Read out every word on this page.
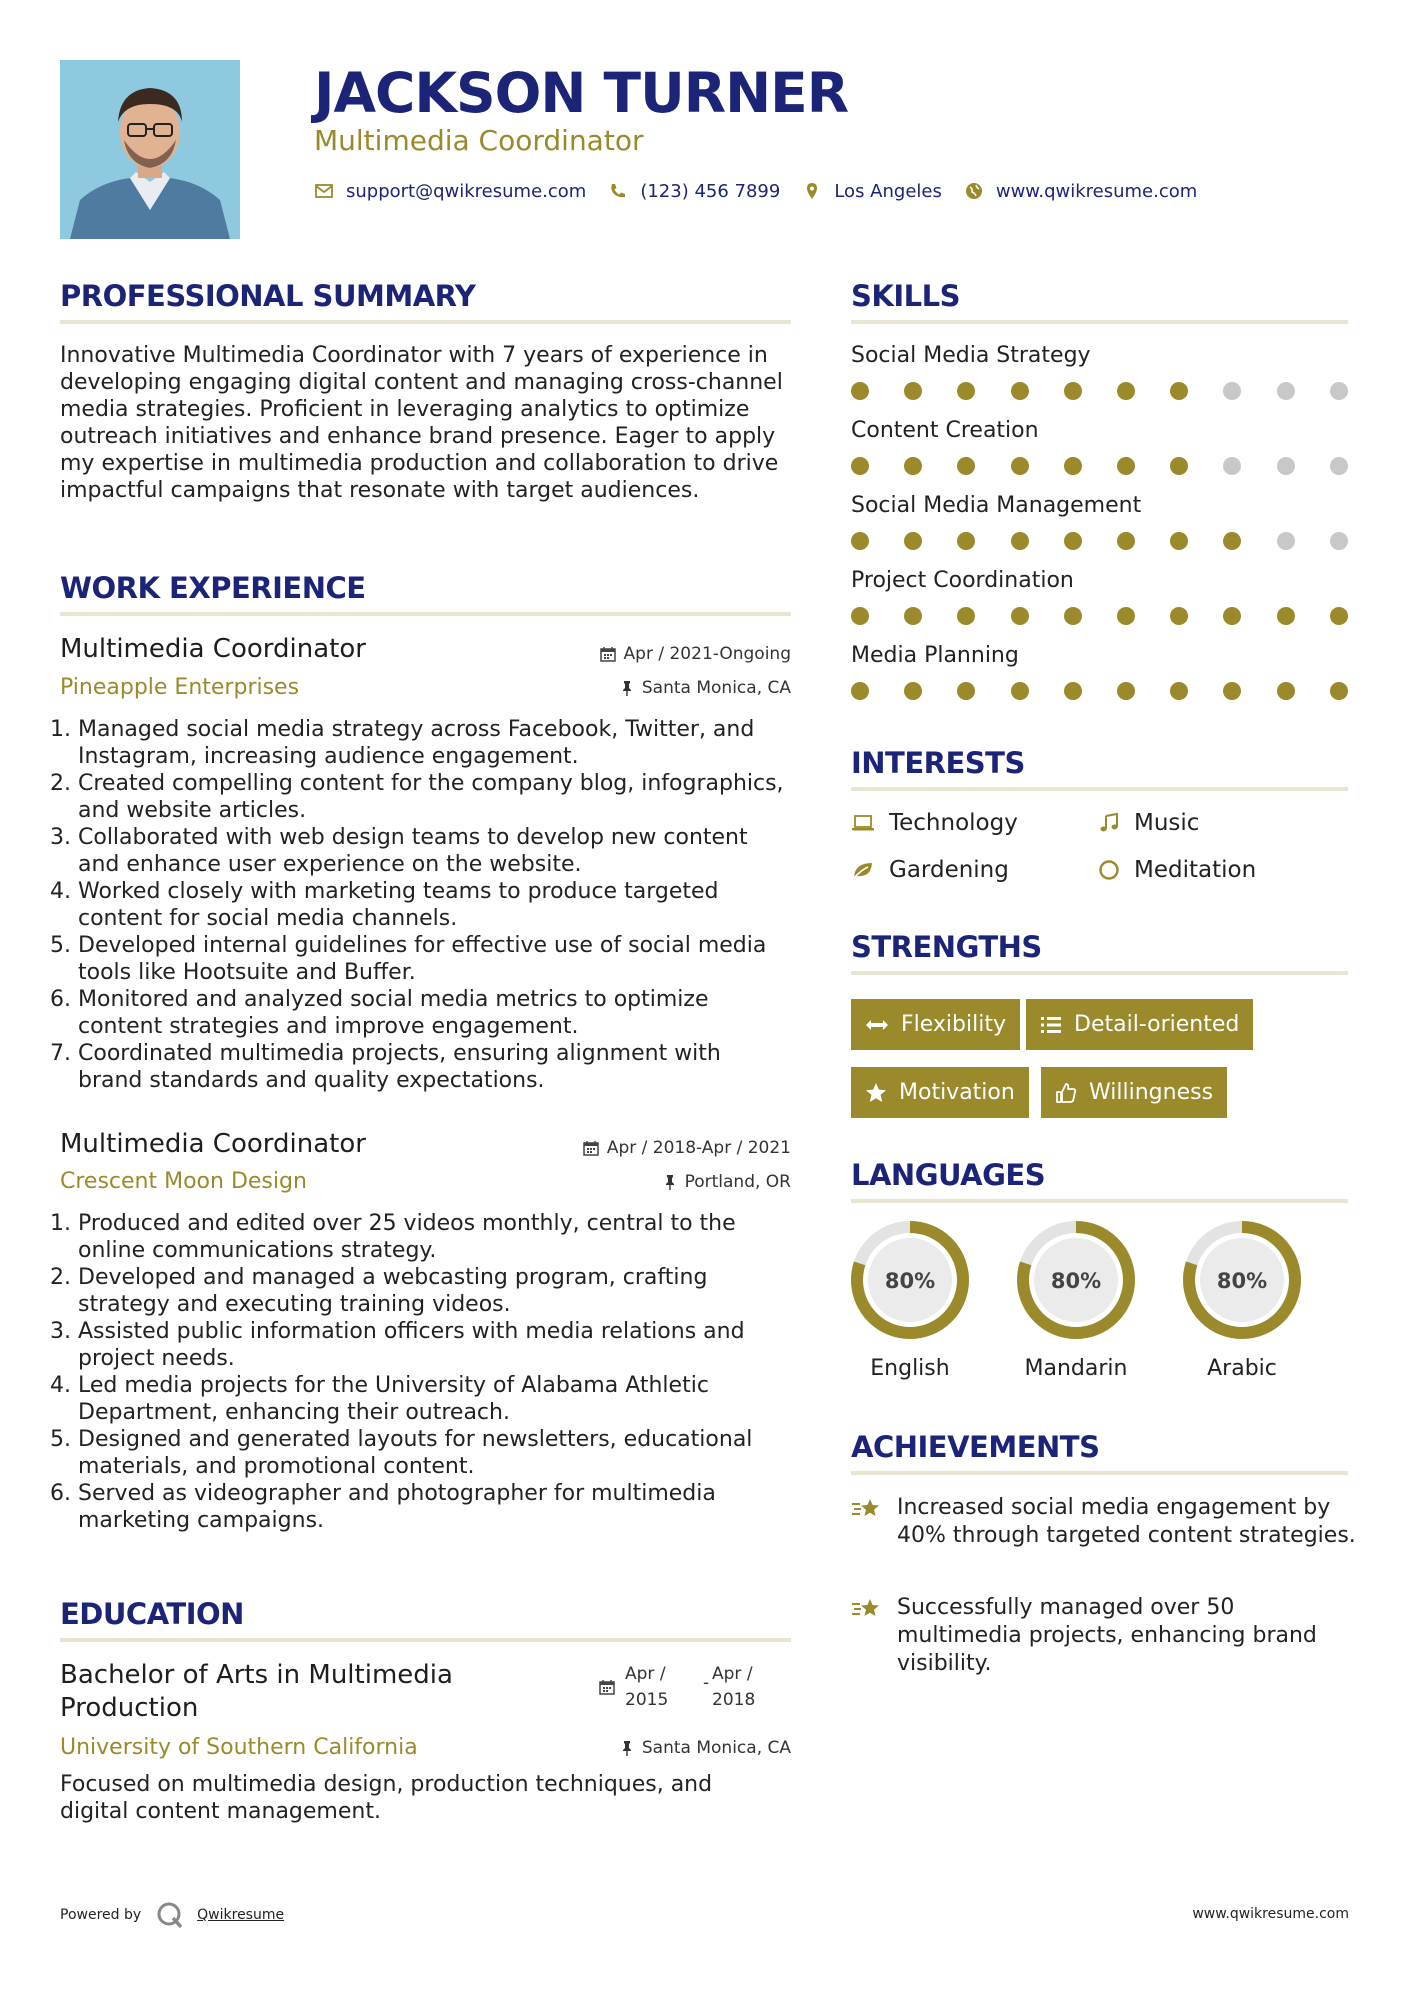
JACKSON TURNER
Multimedia Coordinator
support@qwikresume.com	(123) 456 7899	Los Angeles	www.qwikresume.com
PROFESSIONAL SUMMARY
Innovative Multimedia Coordinator with 7 years of experience in developing engaging digital content and managing cross-channel media strategies. Proficient in leveraging analytics to optimize outreach initiatives and enhance brand presence. Eager to apply my expertise in multimedia production and collaboration to drive impactful campaigns that resonate with target audiences.
WORK EXPERIENCE
Multimedia Coordinator
Pineapple Enterprises
Apr / 2021-Ongoing
Santa Monica, CA
1. Managed social media strategy across Facebook, Twitter, and Instagram, increasing audience engagement.
2. Created compelling content for the company blog, infographics, and website articles.
3. Collaborated with web design teams to develop new content and enhance user experience on the website.
4. Worked closely with marketing teams to produce targeted content for social media channels.
5. Developed internal guidelines for effective use of social media tools like Hootsuite and Buffer.
6. Monitored and analyzed social media metrics to optimize content strategies and improve engagement.
7. Coordinated multimedia projects, ensuring alignment with brand standards and quality expectations.
Multimedia Coordinator
Crescent Moon Design
Apr / 2018-Apr / 2021
Portland, OR
1. Produced and edited over 25 videos monthly, central to the online communications strategy.
2. Developed and managed a webcasting program, crafting strategy and executing training videos.
3. Assisted public information officers with media relations and project needs.
4. Led media projects for the University of Alabama Athletic Department, enhancing their outreach.
5. Designed and generated layouts for newsletters, educational materials, and promotional content.
6. Served as videographer and photographer for multimedia marketing campaigns.
EDUCATION
Bachelor of Arts in Multimedia Production
University of Southern California
Apr / 2015
- Apr / 2018
Santa Monica, CA
Focused on multimedia design, production techniques, and digital content management.
SKILLS
Social Media Strategy
Content Creation
Social Media Management
Project Coordination
Media Planning
INTERESTS
Technology	Music
Gardening	Meditation
STRENGTHS
Flexibility	Detail-oriented
Motivation	Willingness
LANGUAGES
80%
English
80%
Mandarin
80%
Arabic
ACHIEVEMENTS
Increased social media engagement by 40% through targeted content strategies.
Successfully managed over 50 multimedia projects, enhancing brand visibility.
Powered by	Qwikresume	www.qwikresume.com
